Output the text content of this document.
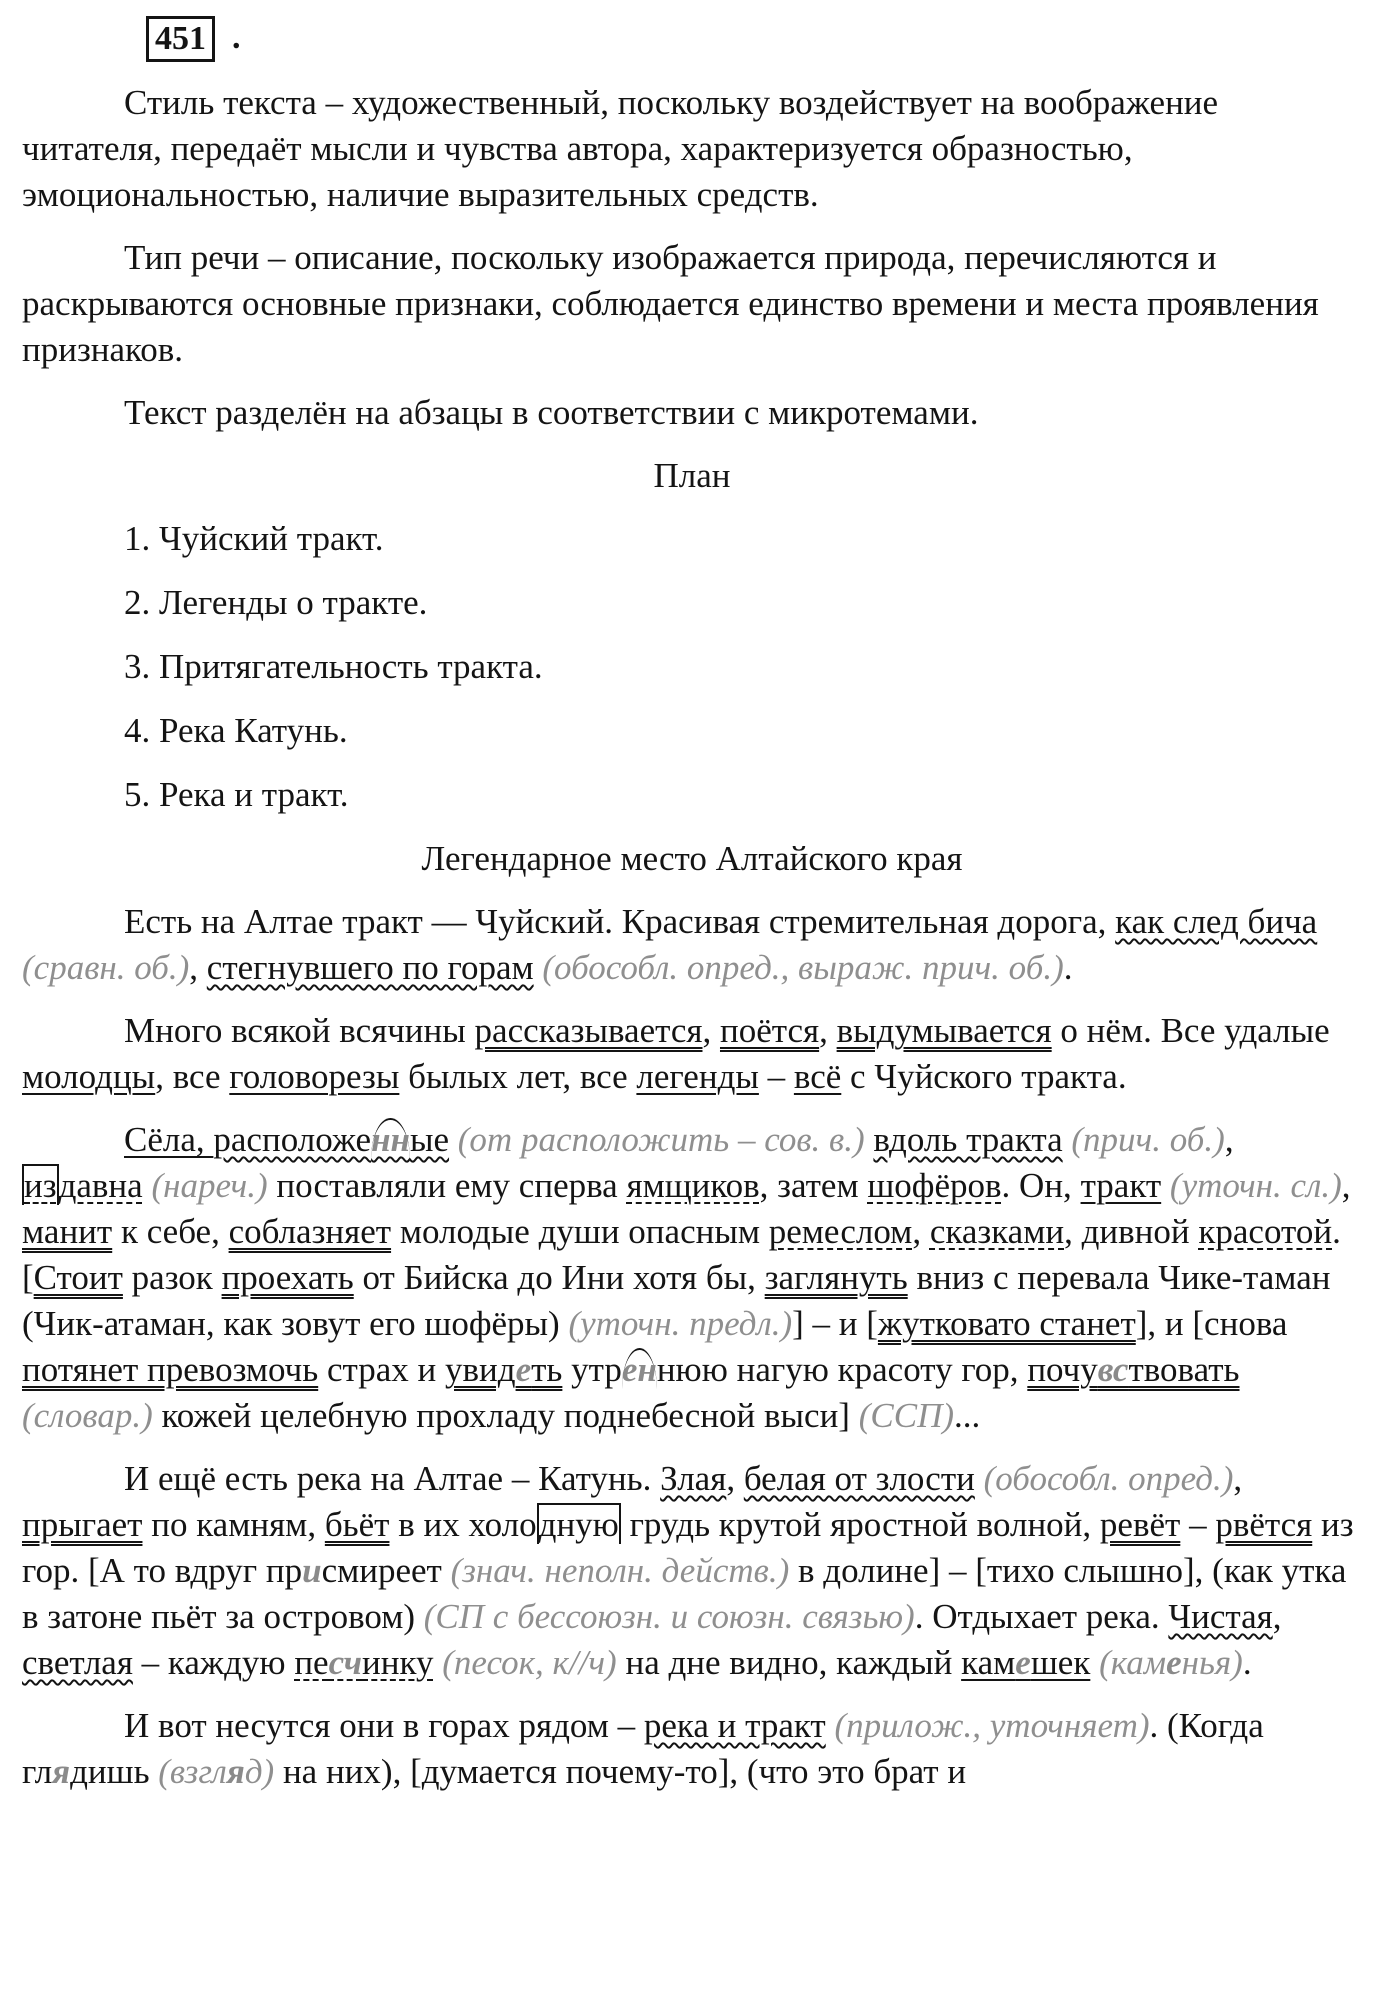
451 .

Стиль текста – художественный, поскольку воздействует на воображение читателя, передаёт мысли и чувства автора, характеризуется образностью, эмоциональностью, наличие выразительных средств.

Тип речи – описание, поскольку изображается природа, перечисляются и раскрываются основные признаки, соблюдается единство времени и места проявления признаков.

Текст разделён на абзацы в соответствии с микротемами.

План

1. Чуйский тракт.

2. Легенды о тракте.

3. Притягательность тракта.

4. Река Катунь.

5. Река и тракт.

Легендарное место Алтайского края

Есть на Алтае тракт — Чуйский. Красивая стремительная дорога, как след бича (сравн. об.), стегнувшего по горам (обособл. опред., выраж. прич. об.).

Много всякой всячины рассказывается, поётся, выдумывается о нём. Все удалые молодцы, все головорезы былых лет, все легенды – всё с Чуйского тракта.

Сёла, расположенные (от расположить – сов. в.) вдоль тракта (прич. об.), издавна (нареч.) поставляли ему сперва ямщиков, затем шофёров. Он, тракт (уточн. сл.), манит к себе, соблазняет молодые души опасным ремеслом, сказками, дивной красотой. [Стоит разок проехать от Бийска до Ини хотя бы, заглянуть вниз с перевала Чике-таман (Чик-атаман, как зовут его шофёры) (уточн. предл.)] – и [жутковато станет], и [снова потянет превозмочь страх и увидеть утреннюю нагую красоту гор, почувствовать (словар.) кожей целебную прохладу поднебесной выси] (ССП)...

И ещё есть река на Алтае – Катунь. Злая, белая от злости (обособл. опред.), прыгает по камням, бьёт в их холодную грудь крутой яростной волной, ревёт – рвётся из гор. [А то вдруг присмиреет (знач. неполн. действ.) в долине] – [тихо слышно], (как утка в затоне пьёт за островом) (СП с бессоюзн. и союзн. связью). Отдыхает река. Чистая, светлая – каждую песчинку (песок, к//ч) на дне видно, каждый камешек (каменья).

И вот несутся они в горах рядом – река и тракт (прилож., уточняет). (Когда глядишь (взгляд) на них), [думается почему-то], (что это брат и
